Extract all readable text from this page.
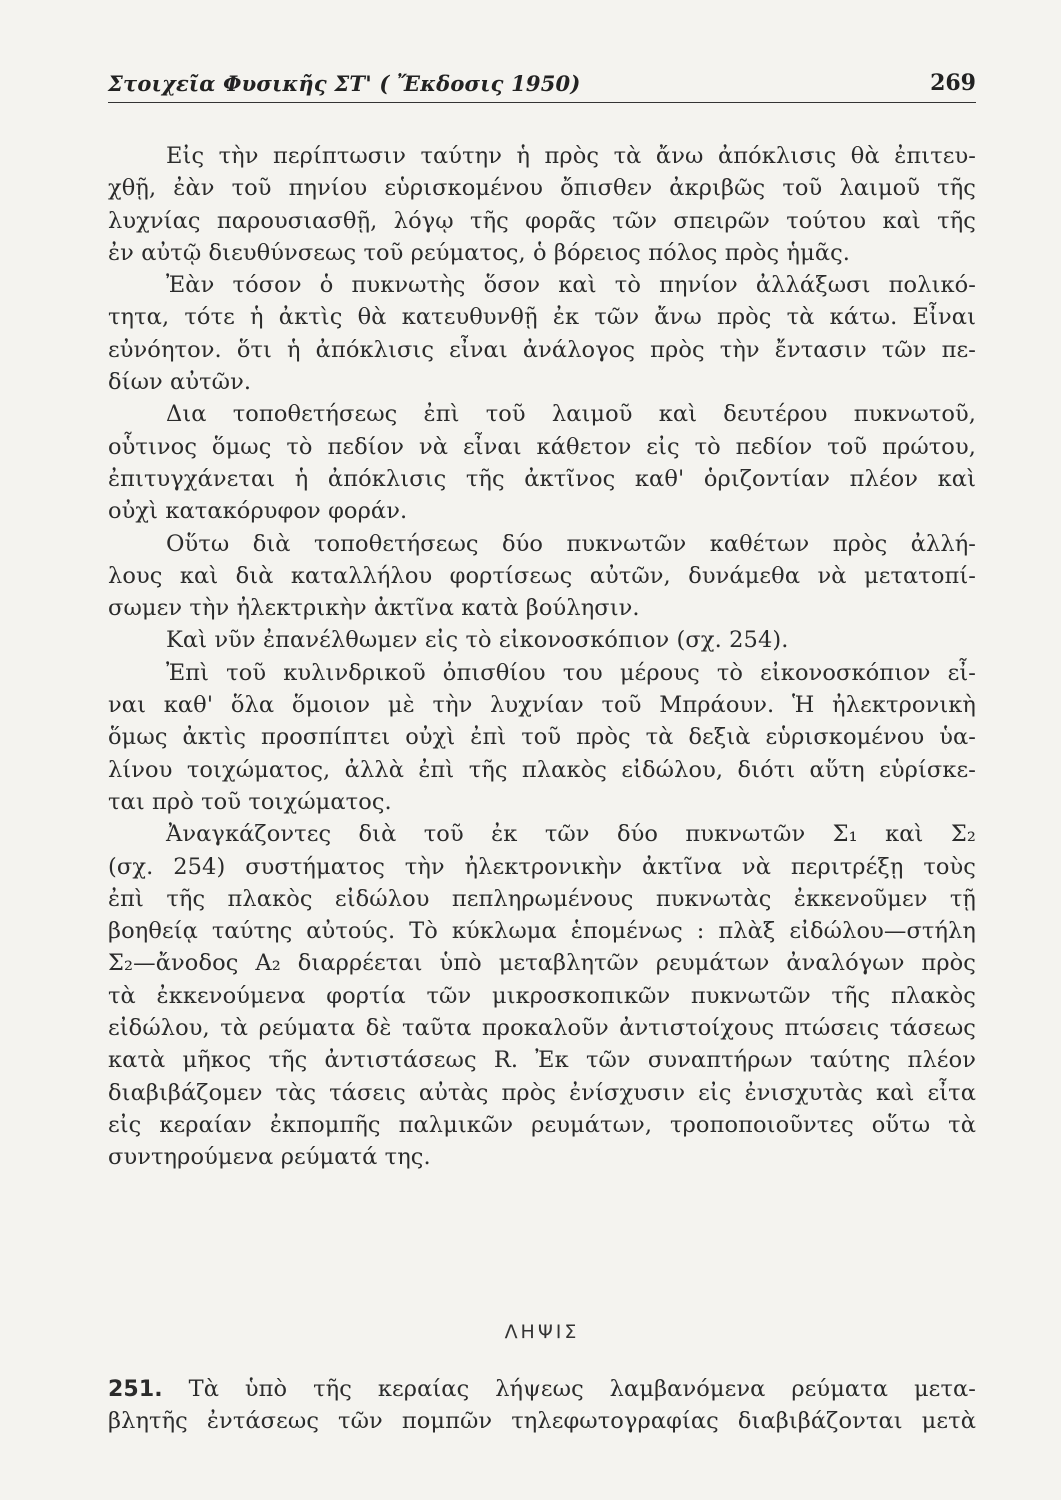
Στοιχεῖα Φυσικῆς ΣΤ' ( Ἔκδοσις 1950)	269
Εἰς τὴν περίπτωσιν ταύτην ἡ πρὸς τὰ ἄνω ἀπόκλισις θὰ ἐπιτευ-
χθῇ, ἐὰν τοῦ πηνίου εὑρισκομένου ὄπισθεν ἀκριβῶς τοῦ λαιμοῦ τῆς
λυχνίας παρουσιασθῇ, λόγῳ τῆς φορᾶς τῶν σπειρῶν τούτου καὶ τῆς
ἐν αὐτῷ διευθύνσεως τοῦ ρεύματος, ὁ βόρειος πόλος πρὸς ἡμᾶς.
Ἐὰν τόσον ὁ πυκνωτὴς ὅσον καὶ τὸ πηνίον ἀλλάξωσι πολικό-
τητα, τότε ἡ ἀκτὶς θὰ κατευθυνθῇ ἐκ τῶν ἄνω πρὸς τὰ κάτω. Εἶναι
εὐνόητον. ὅτι ἡ ἀπόκλισις εἶναι ἀνάλογος πρὸς τὴν ἔντασιν τῶν πε-
δίων αὐτῶν.
Δια τοποθετήσεως ἐπὶ τοῦ λαιμοῦ καὶ δευτέρου πυκνωτοῦ,
οὗτινος ὅμως τὸ πεδίον νὰ εἶναι κάθετον εἰς τὸ πεδίον τοῦ πρώτου,
ἐπιτυγχάνεται ἡ ἀπόκλισις τῆς ἀκτῖνος καθ' ὁριζοντίαν πλέον καὶ
οὐχὶ κατακόρυφον φοράν.
Οὕτω διὰ τοποθετήσεως δύο πυκνωτῶν καθέτων πρὸς ἀλλή-
λους καὶ διὰ καταλλήλου φορτίσεως αὐτῶν, δυνάμεθα νὰ μετατοπί-
σωμεν τὴν ἠλεκτρικὴν ἀκτῖνα κατὰ βούλησιν.
Καὶ νῦν ἐπανέλθωμεν εἰς τὸ εἰκονοσκόπιον (σχ. 254).
Ἐπὶ τοῦ κυλινδρικοῦ ὀπισθίου του μέρους τὸ εἰκονοσκόπιον εἶ-
ναι καθ' ὅλα ὅμοιον μὲ τὴν λυχνίαν τοῦ Μπράουν. Ἡ ἠλεκτρονικὴ
ὅμως ἀκτὶς προσπίπτει οὐχὶ ἐπὶ τοῦ πρὸς τὰ δεξιὰ εὑρισκομένου ὑα-
λίνου τοιχώματος, ἀλλὰ ἐπὶ τῆς πλακὸς εἰδώλου, διότι αὕτη εὑρίσκε-
ται πρὸ τοῦ τοιχώματος.
Ἀναγκάζοντες διὰ τοῦ ἐκ τῶν δύο πυκνωτῶν Σ₁ καὶ Σ₂
(σχ. 254) συστήματος τὴν ἠλεκτρονικὴν ἀκτῖνα νὰ περιτρέξῃ τοὺς
ἐπὶ τῆς πλακὸς εἰδώλου πεπληρωμένους πυκνωτὰς ἐκκενοῦμεν τῇ
βοηθείᾳ ταύτης αὐτούς. Τὸ κύκλωμα ἑπομένως : πλὰξ εἰδώλου—στήλη
Σ₂—ἄνοδος Α₂ διαρρέεται ὑπὸ μεταβλητῶν ρευμάτων ἀναλόγων πρὸς
τὰ ἐκκενούμενα φορτία τῶν μικροσκοπικῶν πυκνωτῶν τῆς πλακὸς
εἰδώλου, τὰ ρεύματα δὲ ταῦτα προκαλοῦν ἀντιστοίχους πτώσεις τάσεως
κατὰ μῆκος τῆς ἀντιστάσεως R. Ἐκ τῶν συναπτήρων ταύτης πλέον
διαβιβάζομεν τὰς τάσεις αὐτὰς πρὸς ἐνίσχυσιν εἰς ἐνισχυτὰς καὶ εἶτα
εἰς κεραίαν ἐκπομπῆς παλμικῶν ρευμάτων, τροποποιοῦντες οὕτω τὰ
συντηρούμενα ρεύματά της.
ΛΗΨΙΣ
251. Τὰ ὑπὸ τῆς κεραίας λήψεως λαμβανόμενα ρεύματα μετα-
βλητῆς ἐντάσεως τῶν πομπῶν τηλεφωτογραφίας διαβιβάζονται μετὰ
